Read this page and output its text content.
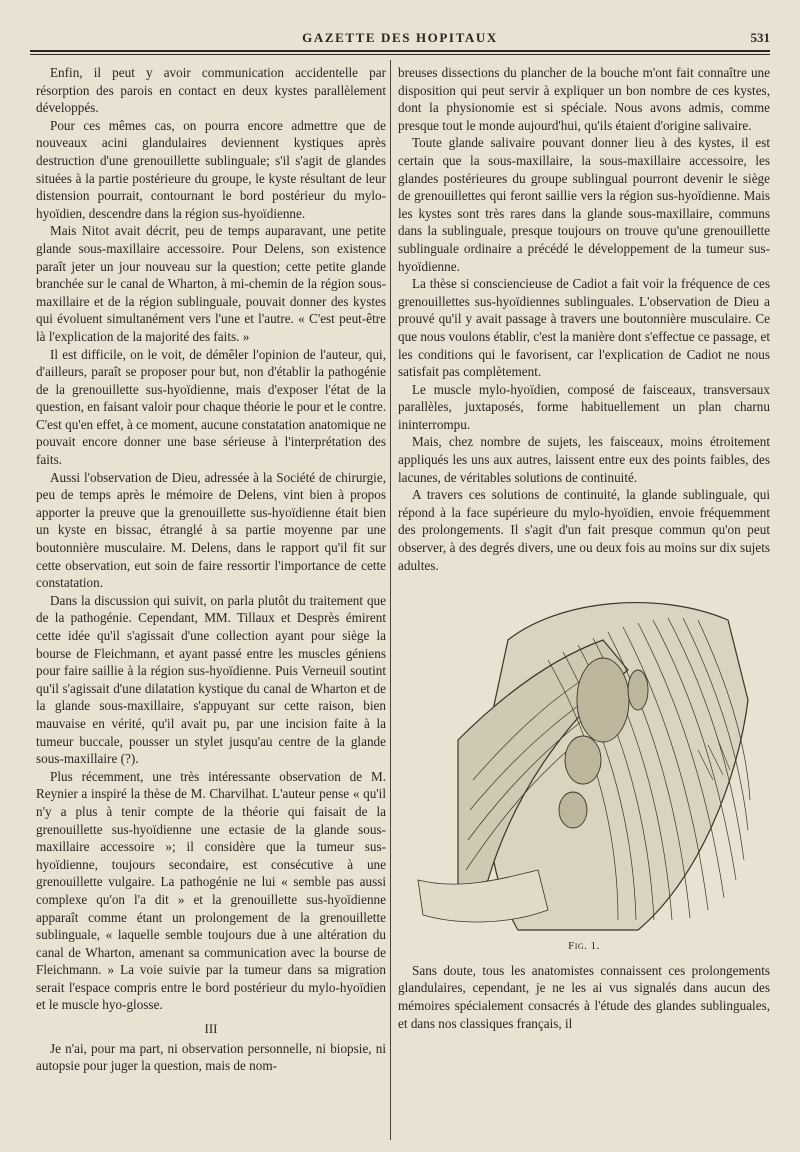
GAZETTE DES HOPITAUX	531

Enfin, il peut y avoir communication accidentelle par résorption des parois en contact en deux kystes parallèlement développés.

Pour ces mêmes cas, on pourra encore admettre que de nouveaux acini glandulaires deviennent kystiques après destruction d'une grenouillette sublinguale; s'il s'agit de glandes situées à la partie postérieure du groupe, le kyste résultant de leur distension pourrait, contournant le bord postérieur du mylo-hyoïdien, descendre dans la région sus-hyoïdienne.

Mais Nitot avait décrit, peu de temps auparavant, une petite glande sous-maxillaire accessoire. Pour Delens, son existence paraît jeter un jour nouveau sur la question; cette petite glande branchée sur le canal de Wharton, à mi-chemin de la région sous-maxillaire et de la région sublinguale, pouvait donner des kystes qui évoluent simultanément vers l'une et l'autre. « C'est peut-être là l'explication de la majorité des faits. »

Il est difficile, on le voit, de démêler l'opinion de l'auteur, qui, d'ailleurs, paraît se proposer pour but, non d'établir la pathogénie de la grenouillette sus-hyoïdienne, mais d'exposer l'état de la question, en faisant valoir pour chaque théorie le pour et le contre. C'est qu'en effet, à ce moment, aucune constatation anatomique ne pouvait encore donner une base sérieuse à l'interprétation des faits.

Aussi l'observation de Dieu, adressée à la Société de chirurgie, peu de temps après le mémoire de Delens, vint bien à propos apporter la preuve que la grenouillette sus-hyoïdienne était bien un kyste en bissac, étranglé à sa partie moyenne par une boutonnière musculaire. M. Delens, dans le rapport qu'il fit sur cette observation, eut soin de faire ressortir l'importance de cette constatation.

Dans la discussion qui suivit, on parla plutôt du traitement que de la pathogénie. Cependant, MM. Tillaux et Desprès émirent cette idée qu'il s'agissait d'une collection ayant pour siège la bourse de Fleichmann, et ayant passé entre les muscles géniens pour faire saillie à la région sus-hyoïdienne. Puis Verneuil soutint qu'il s'agissait d'une dilatation kystique du canal de Wharton et de la glande sous-maxillaire, s'appuyant sur cette raison, bien mauvaise en vérité, qu'il avait pu, par une incision faite à la tumeur buccale, pousser un stylet jusqu'au centre de la glande sous-maxillaire (?).

Plus récemment, une très intéressante observation de M. Reynier a inspiré la thèse de M. Charvilhat. L'auteur pense « qu'il n'y a plus à tenir compte de la théorie qui faisait de la grenouillette sus-hyoïdienne une ectasie de la glande sous-maxillaire accessoire »; il considère que la tumeur sus-hyoïdienne, toujours secondaire, est consécutive à une grenouillette vulgaire. La pathogénie ne lui « semble pas aussi complexe qu'on l'a dit » et la grenouillette sus-hyoïdienne apparaît comme étant un prolongement de la grenouillette sublinguale, « laquelle semble toujours due à une altération du canal de Wharton, amenant sa communication avec la bourse de Fleichmann. » La voie suivie par la tumeur dans sa migration serait l'espace compris entre le bord postérieur du mylo-hyoïdien et le muscle hyo-glosse.

III

Je n'ai, pour ma part, ni observation personnelle, ni biopsie, ni autopsie pour juger la question, mais de nom-

breuses dissections du plancher de la bouche m'ont fait connaître une disposition qui peut servir à expliquer un bon nombre de ces kystes, dont la physionomie est si spéciale. Nous avons admis, comme presque tout le monde aujourd'hui, qu'ils étaient d'origine salivaire.

Toute glande salivaire pouvant donner lieu à des kystes, il est certain que la sous-maxillaire, la sous-maxillaire accessoire, les glandes postérieures du groupe sublingual pourront devenir le siège de grenouillettes qui feront saillie vers la région sus-hyoïdienne. Mais les kystes sont très rares dans la glande sous-maxillaire, communs dans la sublinguale, presque toujours on trouve qu'une grenouillette sublinguale ordinaire a précédé le développement de la tumeur sus-hyoïdienne.

La thèse si consciencieuse de Cadiot a fait voir la fréquence de ces grenouillettes sus-hyoïdiennes sublinguales. L'observation de Dieu a prouvé qu'il y avait passage à travers une boutonnière musculaire. Ce que nous voulons établir, c'est la manière dont s'effectue ce passage, et les conditions qui le favorisent, car l'explication de Cadiot ne nous satisfait pas complètement.

Le muscle mylo-hyoïdien, composé de faisceaux, transversaux parallèles, juxtaposés, forme habituellement un plan charnu ininterrompu.

Mais, chez nombre de sujets, les faisceaux, moins étroitement appliqués les uns aux autres, laissent entre eux des points faibles, des lacunes, de véritables solutions de continuité.

A travers ces solutions de continuité, la glande sublinguale, qui répond à la face supérieure du mylo-hyoïdien, envoie fréquemment des prolongements. Il s'agit d'un fait presque commun qu'on peut observer, à des degrés divers, une ou deux fois au moins sur dix sujets adultes.

Fig. 1.

Sans doute, tous les anatomistes connaissent ces prolongements glandulaires, cependant, je ne les ai vus signalés dans aucun des mémoires spécialement consacrés à l'étude des glandes sublinguales, et dans nos classiques français, il
